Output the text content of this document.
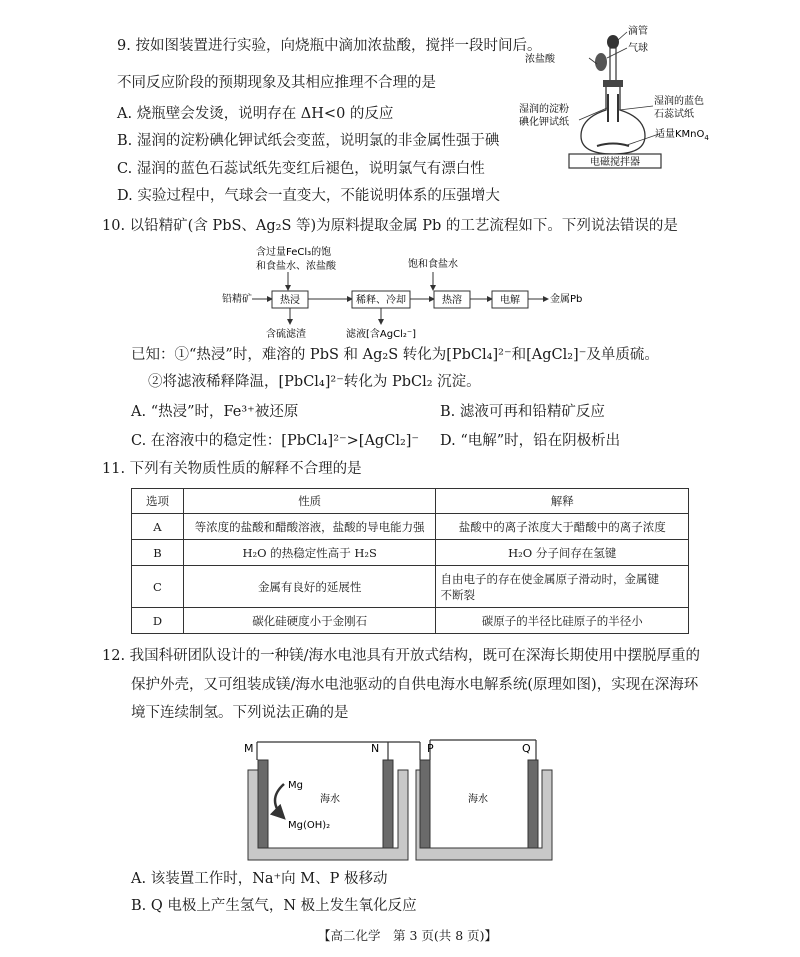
9. 按如图装置进行实验，向烧瓶中滴加浓盐酸，搅拌一段时间后。
不同反应阶段的预期现象及其相应推理不合理的是
A. 烧瓶壁会发烫，说明存在 ΔH<0 的反应
B. 湿润的淀粉碘化钾试纸会变蓝，说明氯的非金属性强于碘
C. 湿润的蓝色石蕊试纸先变红后褪色，说明氯气有漂白性
D. 实验过程中，气球会一直变大，不能说明体系的压强增大
电磁搅拌器
滴管
气球
浓盐酸
湿润的淀粉
碘化钾试纸
湿润的蓝色
石蕊试纸
适量KMnO$_4$
10. 以铅精矿(含 PbS、Ag₂S 等)为原料提取金属 Pb 的工艺流程如下。下列说法错误的是
含过量FeCl₃的饱
和食盐水、浓盐酸	饱和食盐水
铅精矿	热浸	稀释、冷却	热溶	电解	金属Pb
含硫滤渣	滤液[含AgCl₂⁻]
已知：①“热浸”时，难溶的 PbS 和 Ag₂S 转化为[PbCl₄]²⁻和[AgCl₂]⁻及单质硫。
②将滤液稀释降温，[PbCl₄]²⁻转化为 PbCl₂ 沉淀。
A. “热浸”时，Fe³⁺被还原	B. 滤液可再和铅精矿反应
C. 在溶液中的稳定性：[PbCl₄]²⁻>[AgCl₂]⁻ D. “电解”时，铅在阴极析出
11. 下列有关物质性质的解释不合理的是
选项	性质	解释
A	等浓度的盐酸和醋酸溶液，盐酸的导电能力强	盐酸中的离子浓度大于醋酸中的离子浓度
B	H₂O 的热稳定性高于 H₂S	H₂O 分子间存在氢键
C	金属有良好的延展性	自由电子的存在使金属原子滑动时，金属键
不断裂

D	碳化硅硬度小于金刚石	碳原子的半径比硅原子的半径小
12. 我国科研团队设计的一种镁/海水电池具有开放式结构，既可在深海长期使用中摆脱厚重的
保护外壳，又可组装成镁/海水电池驱动的自供电海水电解系统(原理如图)，实现在深海环
境下连续制氢。下列说法正确的是
M	N	P	Q
Mg
Mg(OH)₂
海水	海水
A. 该装置工作时，Na⁺向 M、P 极移动
B. Q 电极上产生氢气，N 极上发生氧化反应
【高二化学　第 3 页(共 8 页)】
